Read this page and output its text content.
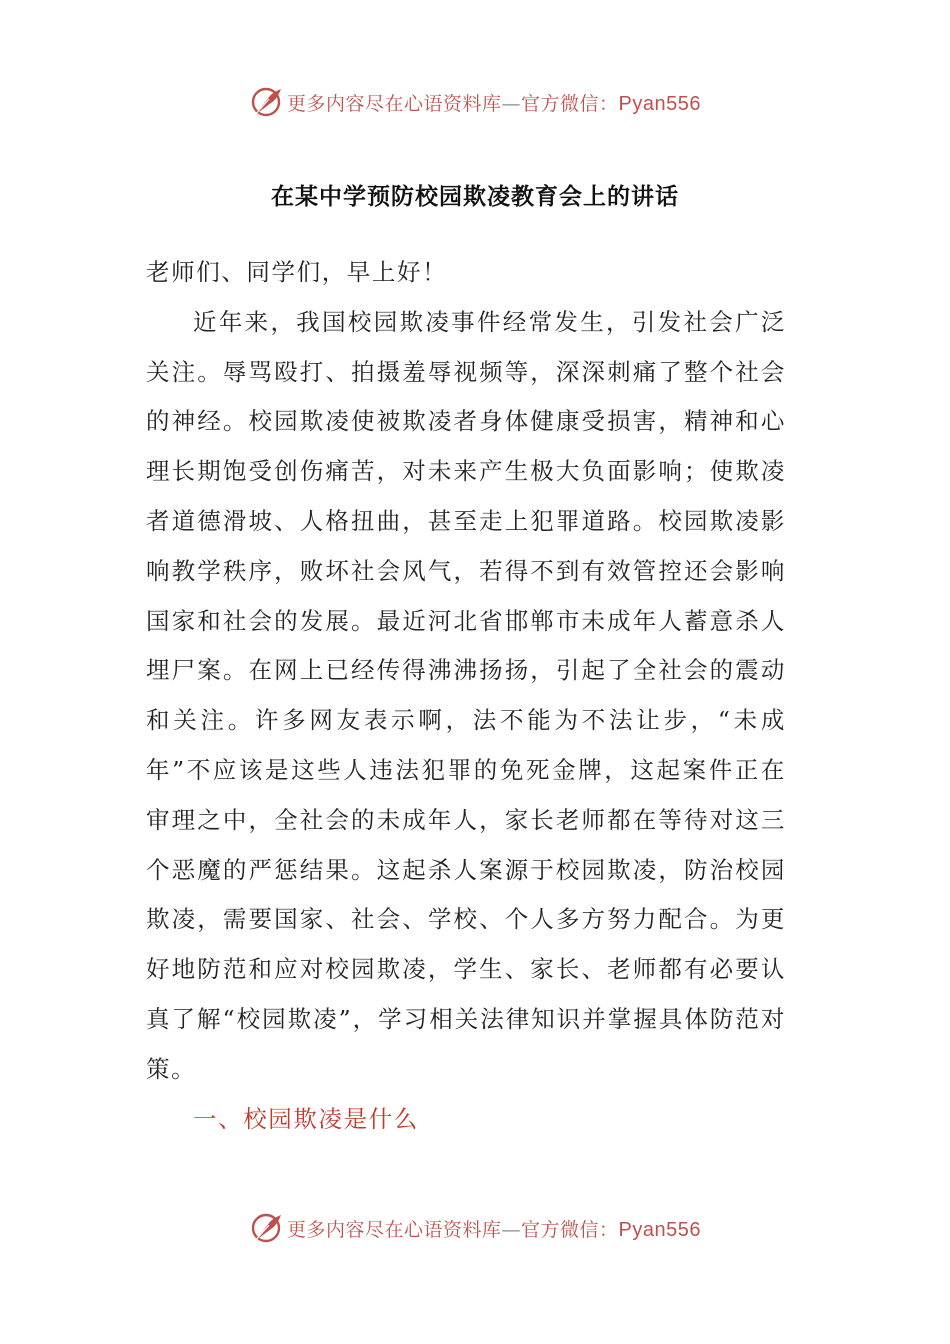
更多内容尽在心语资料库—官方微信：Pyan556
在某中学预防校园欺凌教育会上的讲话

老师们、同学们，早上好！

近年来，我国校园欺凌事件经常发生，引发社会广泛关注。辱骂殴打、拍摄羞辱视频等，深深刺痛了整个社会的神经。校园欺凌使被欺凌者身体健康受损害，精神和心理长期饱受创伤痛苦，对未来产生极大负面影响；使欺凌者道德滑坡、人格扭曲，甚至走上犯罪道路。校园欺凌影响教学秩序，败坏社会风气，若得不到有效管控还会影响国家和社会的发展。最近河北省邯郸市未成年人蓄意杀人埋尸案。在网上已经传得沸沸扬扬，引起了全社会的震动和关注。许多网友表示啊，法不能为不法让步，“未成年”不应该是这些人违法犯罪的免死金牌，这起案件正在审理之中，全社会的未成年人，家长老师都在等待对这三个恶魔的严惩结果。这起杀人案源于校园欺凌，防治校园欺凌，需要国家、社会、学校、个人多方努力配合。为更好地防范和应对校园欺凌，学生、家长、老师都有必要认真了解“校园欺凌”，学习相关法律知识并掌握具体防范对策。

一、校园欺凌是什么

更多内容尽在心语资料库—官方微信：Pyan556
